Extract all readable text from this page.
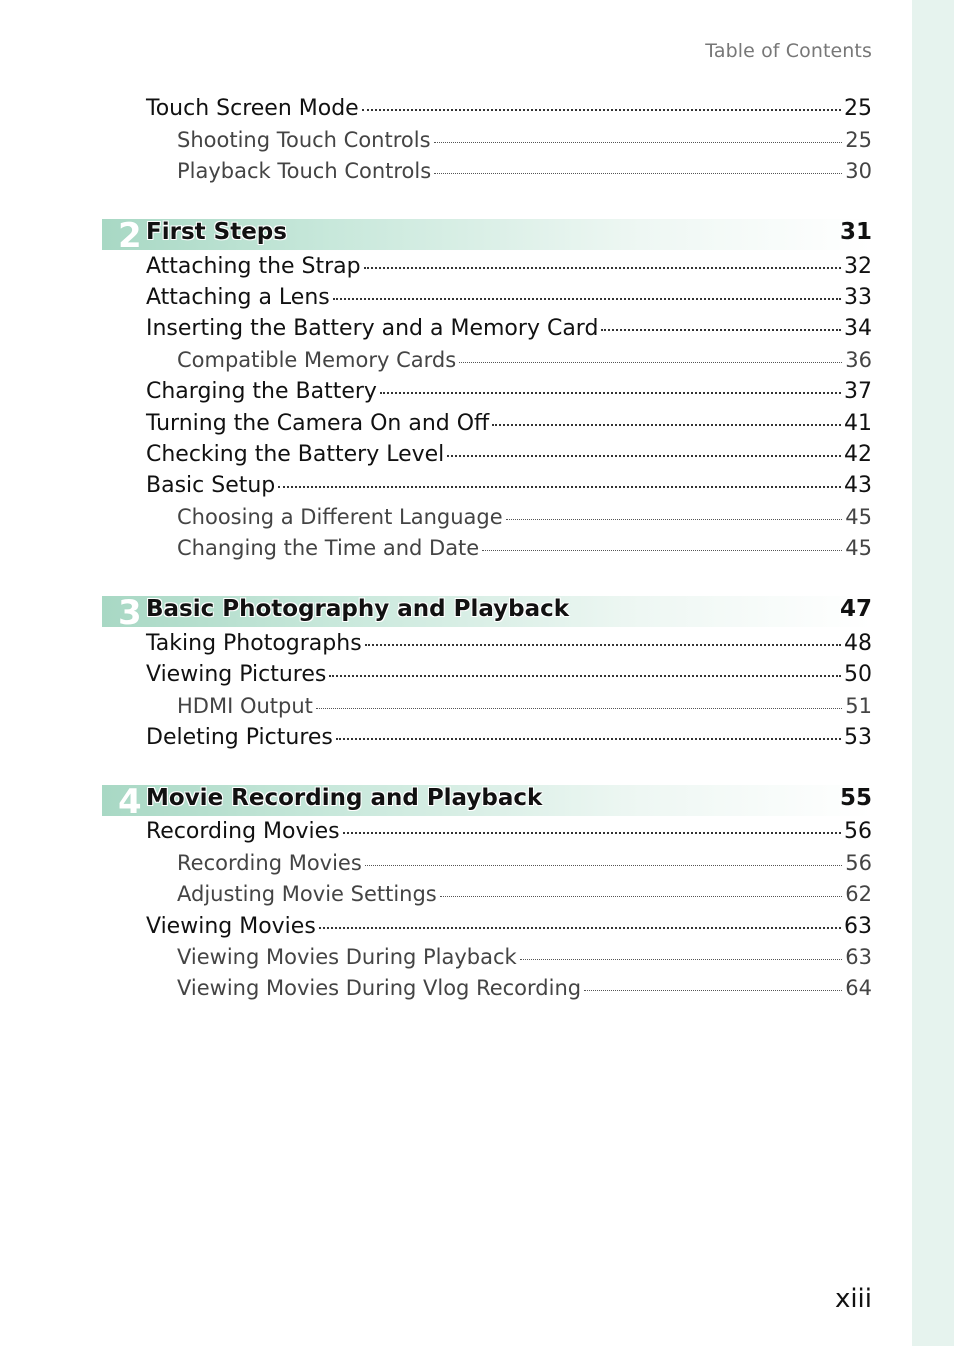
Table of Contents
Touch Screen Mode	25
Shooting Touch Controls	25
Playback Touch Controls	30
2 First Steps	31
Attaching the Strap	32
Attaching a Lens	33
Inserting the Battery and a Memory Card	34
Compatible Memory Cards	36
Charging the Battery	37
Turning the Camera On and Off	41
Checking the Battery Level	42
Basic Setup	43
Choosing a Different Language	45
Changing the Time and Date	45
3 Basic Photography and Playback	47
Taking Photographs	48
Viewing Pictures	50
HDMI Output	51
Deleting Pictures	53
4 Movie Recording and Playback	55
Recording Movies	56
Recording Movies	56
Adjusting Movie Settings	62
Viewing Movies	63
Viewing Movies During Playback	63
Viewing Movies During Vlog Recording	64
xiii
